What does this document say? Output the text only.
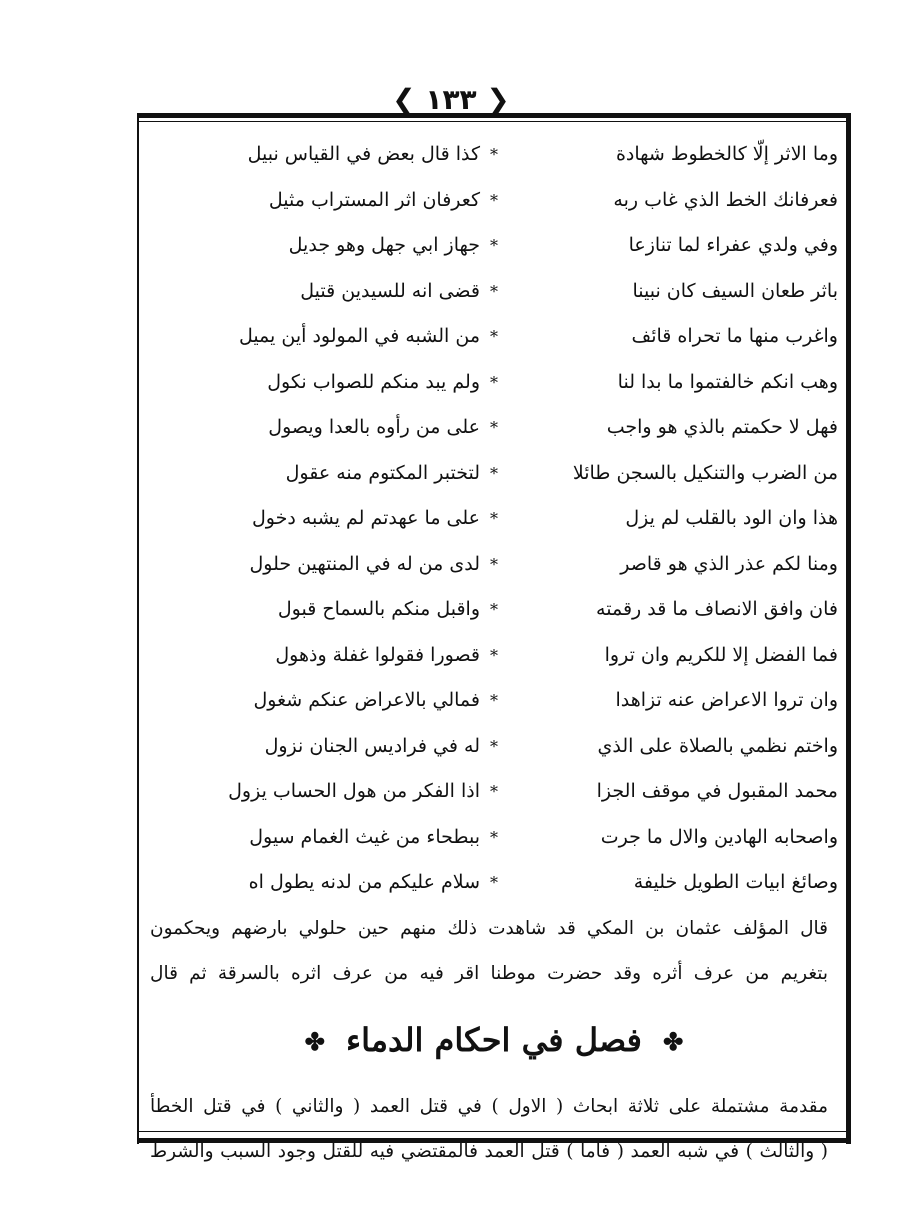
❮ ١٣٣ ❯
وما الاثر إلّا كالخطوط شهادة
*
كذا قال بعض في القياس نبيل
فعرفانك الخط الذي غاب ربه
*
كعرفان اثر المستراب مثيل
وفي ولدي عفراء لما تنازعا
*
جهاز ابي جهل وهو جديل
باثر طعان السيف كان نبينا
*
قضى انه للسيدين قتيل
واغرب منها ما تحراه قائف
*
من الشبه في المولود أين يميل
وهب انكم خالفتموا ما بدا لنا
*
ولم يبد منكم للصواب نكول
فهل لا حكمتم بالذي هو واجب
*
على من رأوه بالعدا ويصول
من الضرب والتنكيل بالسجن طائلا
*
لتختبر المكتوم منه عقول
هذا وان الود بالقلب لم يزل
*
على ما عهدتم لم يشبه دخول
ومنا لكم عذر الذي هو قاصر
*
لدى من له في المنتهين حلول
فان وافق الانصاف ما قد رقمته
*
واقبل منكم بالسماح قبول
فما الفضل إلا للكريم وان تروا
*
قصورا فقولوا غفلة وذهول
وان تروا الاعراض عنه تزاهدا
*
فمالي بالاعراض عنكم شغول
واختم نظمي بالصلاة على الذي
*
له في فراديس الجنان نزول
محمد المقبول في موقف الجزا
*
اذا الفكر من هول الحساب يزول
واصحابه الهادين والال ما جرت
*
ببطحاء من غيث الغمام سيول
وصائغ ابيات الطويل خليفة
*
سلام عليكم من لدنه يطول اه
قال المؤلف عثمان بن المكي قد شاهدت ذلك منهم حين حلولي بارضهم ويحكمون
بتغريم من عرف أثره وقد حضرت موطنا اقر فيه من عرف اثره بالسرقة ثم قال
✤ فصل في احكام الدماء ✤
مقدمة مشتملة على ثلاثة ابحاث ( الاول ) في قتل العمد ( والثاني ) في قتل الخطأ
( والثالث ) في شبه العمد ( فاما ) قتل العمد فالمقتضي فيه للقتل وجود السبب والشرط
